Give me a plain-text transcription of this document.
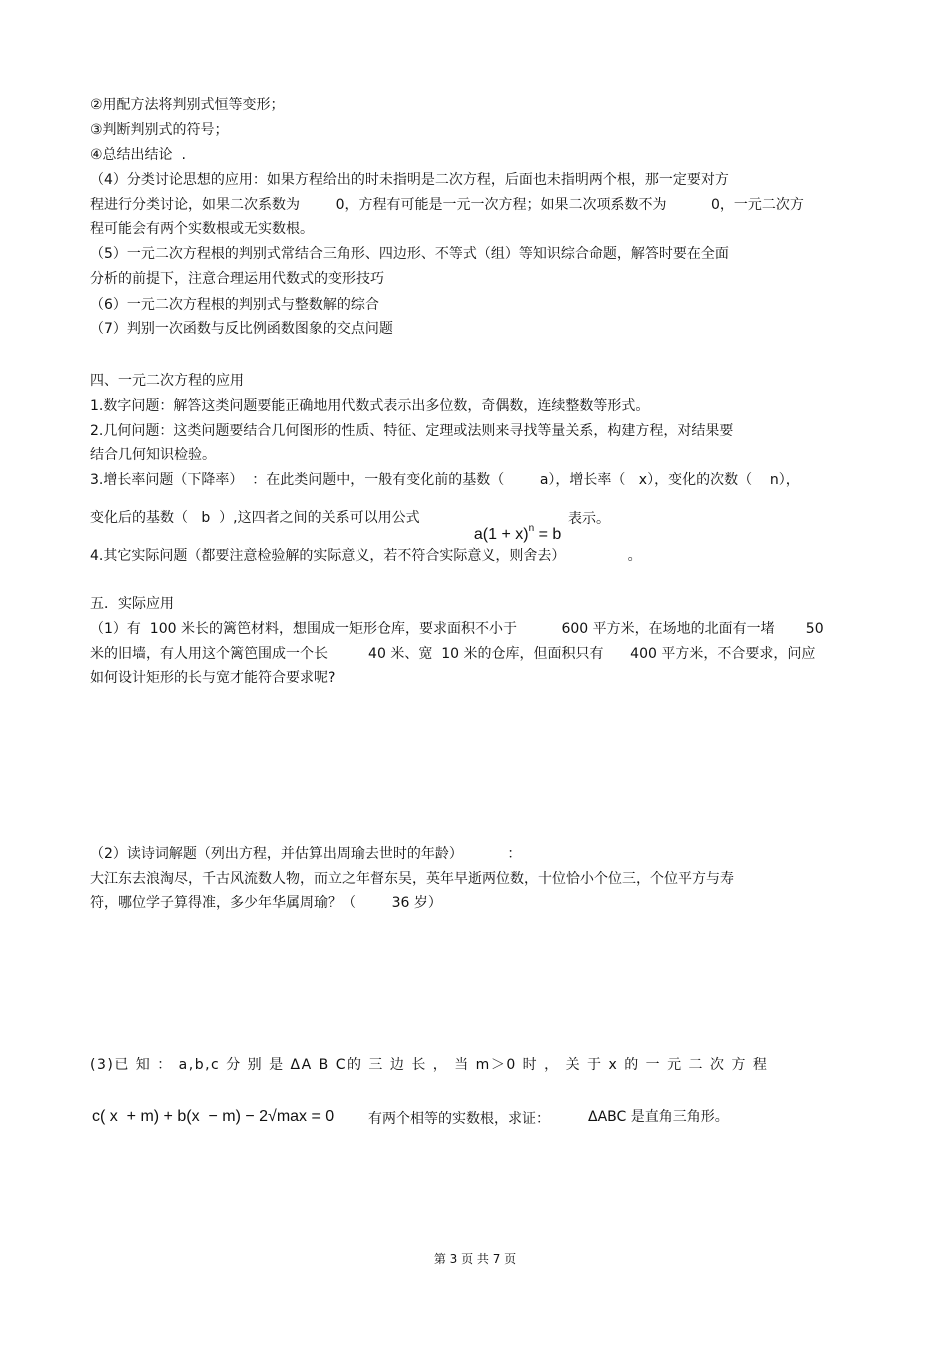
②用配方法将判别式恒等变形；
③判断判别式的符号；
④总结出结论  .
（4）分类讨论思想的应用：如果方程给出的时未指明是二次方程，后面也未指明两个根，那一定要对方
程进行分类讨论，如果二次系数为        0，方程有可能是一元一次方程；如果二次项系数不为          0，一元二次方
程可能会有两个实数根或无实数根。
（5）一元二次方程根的判别式常结合三角形、四边形、不等式（组）等知识综合命题，解答时要在全面
分析的前提下，注意合理运用代数式的变形技巧
（6）一元二次方程根的判别式与整数解的综合
（7）判别一次函数与反比例函数图象的交点问题
四、一元二次方程的应用
1.数字问题：解答这类问题要能正确地用代数式表示出多位数，奇偶数，连续整数等形式。
2.几何问题：这类问题要结合几何图形的性质、特征、定理或法则来寻找等量关系，构建方程，对结果要
结合几何知识检验。
3.增长率问题（下降率）  ：在此类问题中，一般有变化前的基数（        a），增长率（   x），变化的次数（    n），
变化后的基数（   b  ）,这四者之间的关系可以用公式

$a(1 + x)^n = b$

表示。
4.其它实际问题（都要注意检验解的实际意义，若不符合实际意义，则舍去）              。
五．实际应用
（1）有  100 米长的篱笆材料，想围成一矩形仓库，要求面积不小于          600 平方米，在场地的北面有一堵       50
米的旧墙，有人用这个篱笆围成一个长         40 米、宽  10 米的仓库，但面积只有      400 平方米，不合要求，问应
如何设计矩形的长与宽才能符合要求呢?
（2）读诗词解题（列出方程，并估算出周瑜去世时的年龄）          ：
大江东去浪淘尽，千古风流数人物，而立之年督东吴，英年早逝两位数，十位恰小个位三，个位平方与寿
符，哪位学子算得准，多少年华属周瑜？（        36 岁）
(3)已 知 ： a,b,c 分 别 是 ΔA B C的 三 边 长 ， 当 m＞0 时 ， 关 于 x 的 一 元 二 次 方 程
c( x  + m) + b(x  − m) − 2√max = 0 有两个相等的实数根，求证：	ΔABC 是直角三角形。
第 3 页 共 7 页
